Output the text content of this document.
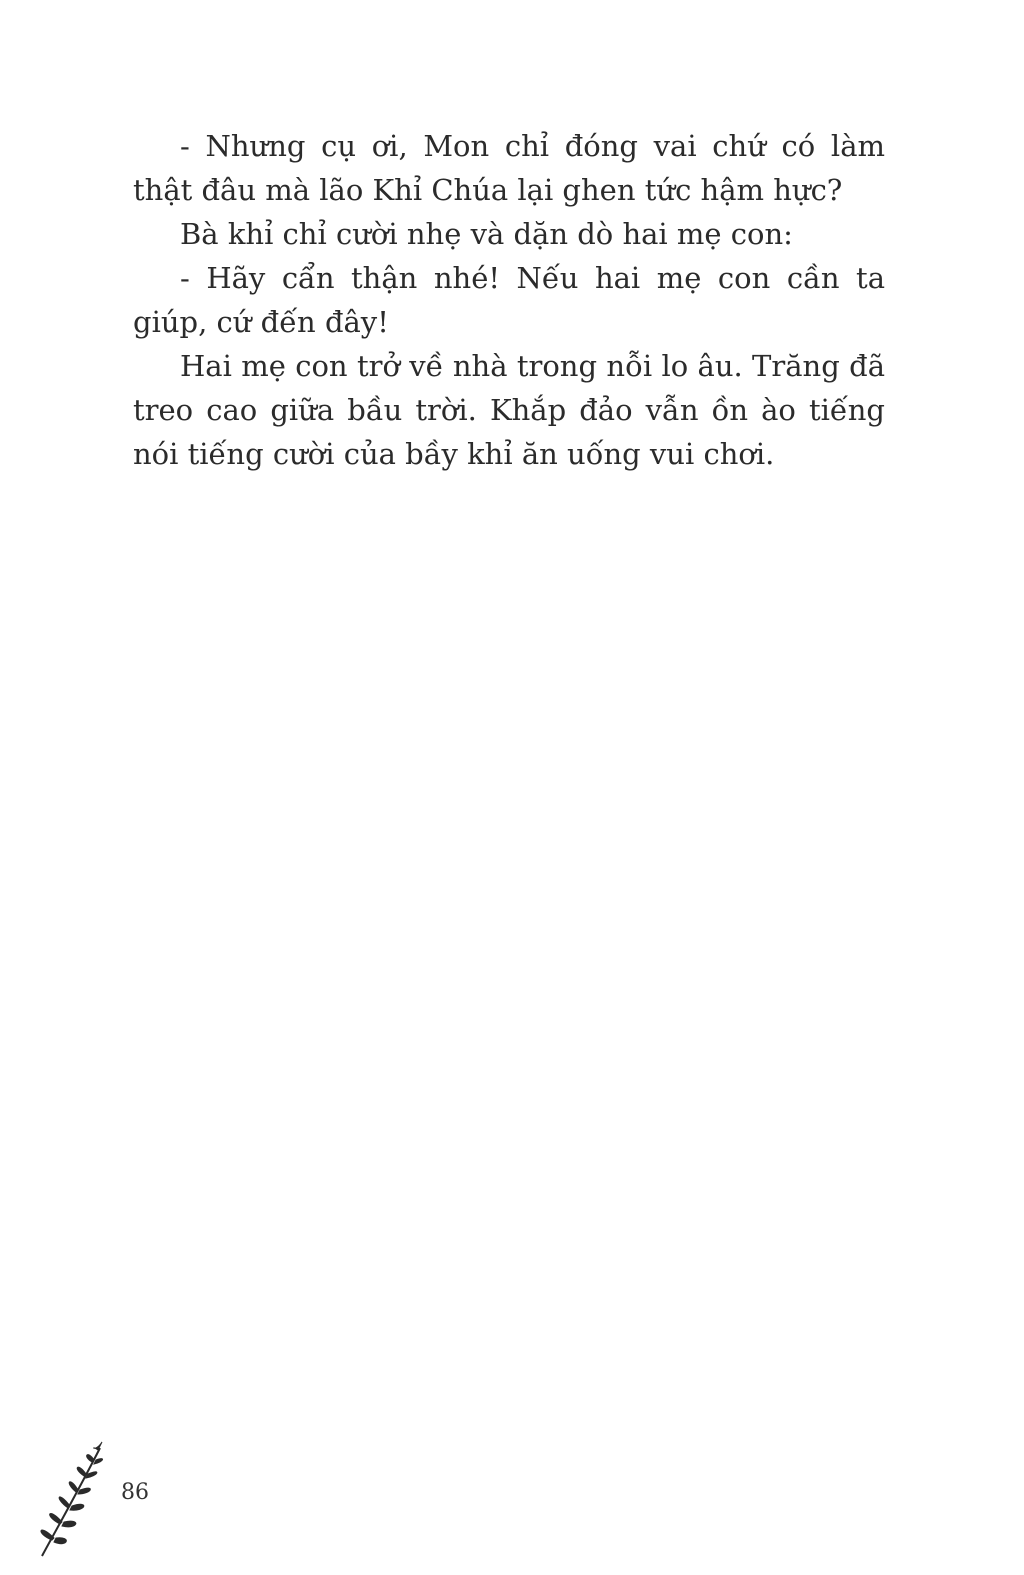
- Nhưng cụ ơi, Mon chỉ đóng vai chứ có làm thật đâu mà lão Khỉ Chúa lại ghen tức hậm hực?

Bà khỉ chỉ cười nhẹ và dặn dò hai mẹ con:

- Hãy cẩn thận nhé! Nếu hai mẹ con cần ta giúp, cứ đến đây!

Hai mẹ con trở về nhà trong nỗi lo âu. Trăng đã treo cao giữa bầu trời. Khắp đảo vẫn ồn ào tiếng nói tiếng cười của bầy khỉ ăn uống vui chơi.

86
